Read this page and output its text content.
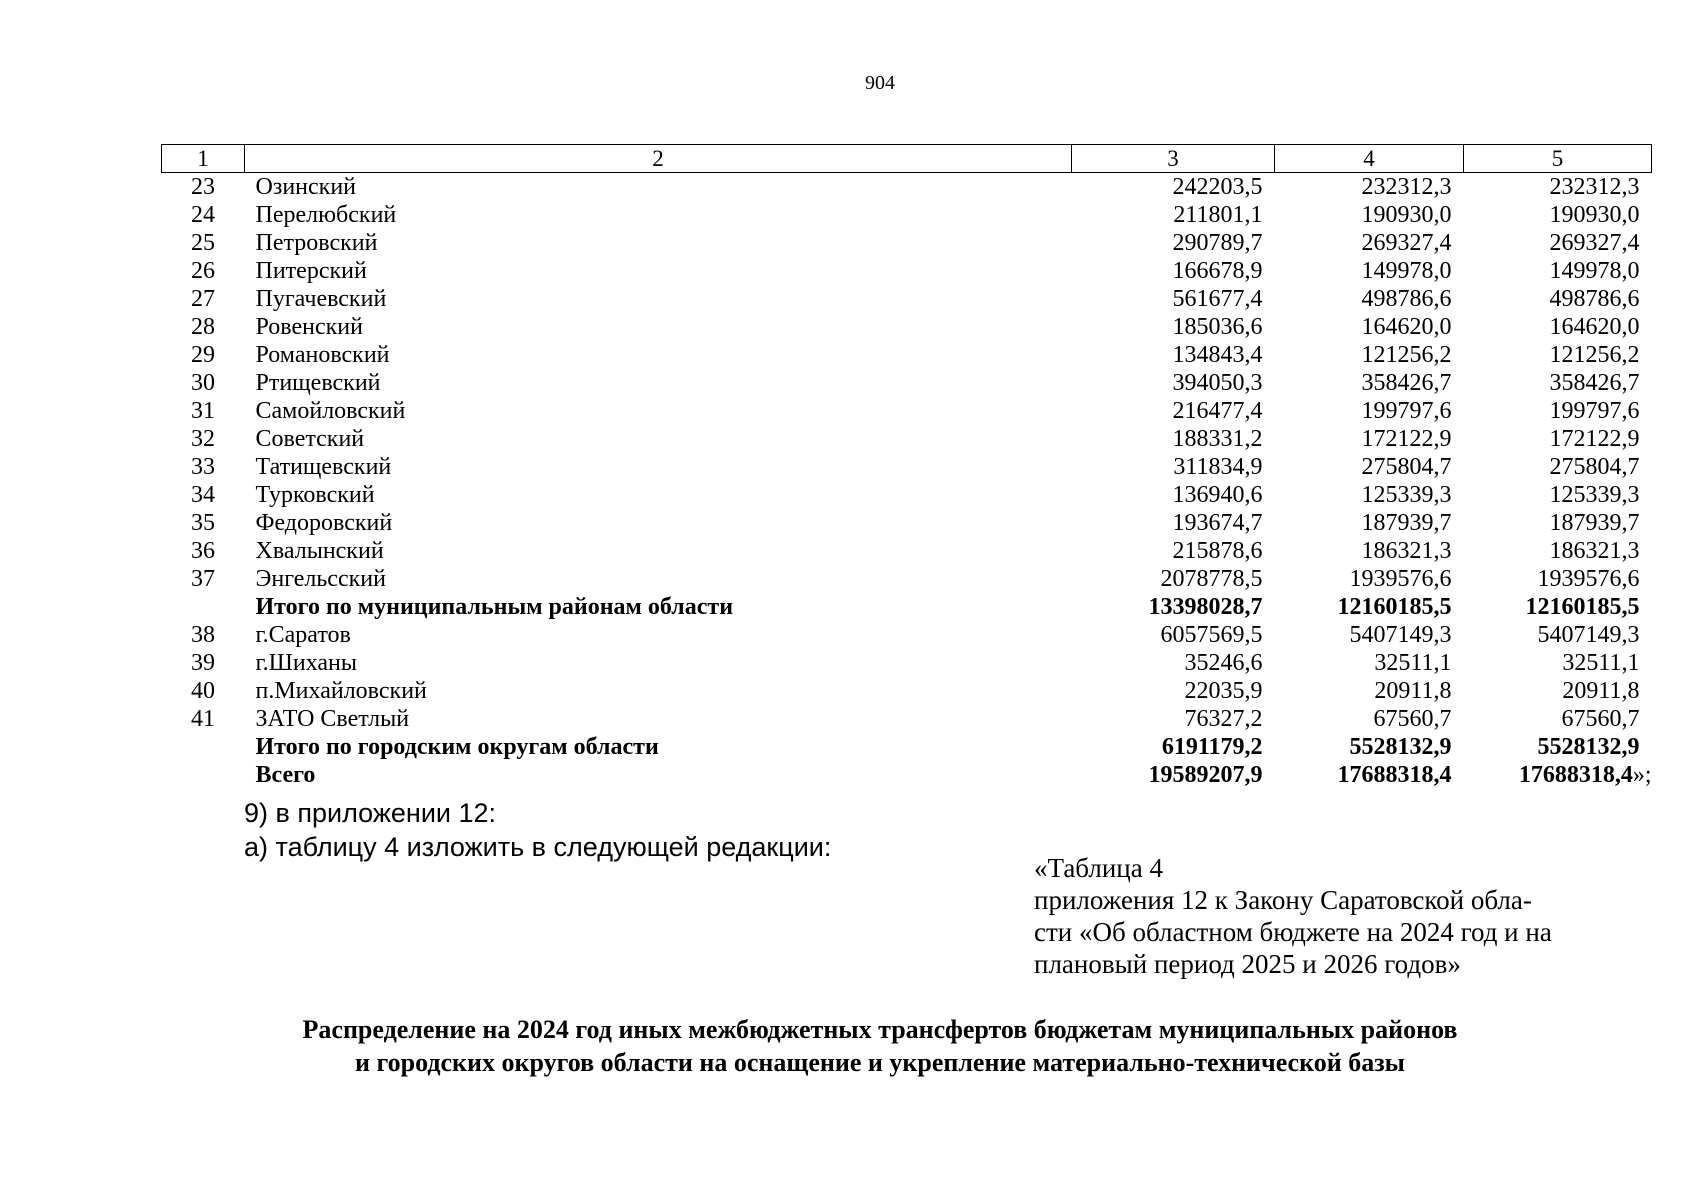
904
1	2	3	4	5
23	Озинский	242203,5	232312,3	232312,3
24	Перелюбский	211801,1	190930,0	190930,0
25	Петровский	290789,7	269327,4	269327,4
26	Питерский	166678,9	149978,0	149978,0
27	Пугачевский	561677,4	498786,6	498786,6
28	Ровенский	185036,6	164620,0	164620,0
29	Романовский	134843,4	121256,2	121256,2
30	Ртищевский	394050,3	358426,7	358426,7
31	Самойловский	216477,4	199797,6	199797,6
32	Советский	188331,2	172122,9	172122,9
33	Татищевский	311834,9	275804,7	275804,7
34	Турковский	136940,6	125339,3	125339,3
35	Федоровский	193674,7	187939,7	187939,7
36	Хвалынский	215878,6	186321,3	186321,3
37	Энгельсский	2078778,5	1939576,6	1939576,6
	Итого по муниципальным районам области	13398028,7	12160185,5	12160185,5
38	г.Саратов	6057569,5	5407149,3	5407149,3
39	г.Шиханы	35246,6	32511,1	32511,1
40	п.Михайловский	22035,9	20911,8	20911,8
41	ЗАТО Светлый	76327,2	67560,7	67560,7
	Итого по городским округам области	6191179,2	5528132,9	5528132,9
	Всего	19589207,9	17688318,4	17688318,4»;
9) в приложении 12:
а) таблицу 4 изложить в следующей редакции:
«Таблица 4
приложения 12 к Закону Саратовской обла-
сти «Об областном бюджете на 2024 год и на
плановый период 2025 и 2026 годов»
Распределение на 2024 год иных межбюджетных трансфертов бюджетам муниципальных районов
и городских округов области на оснащение и укрепление материально-технической базы
